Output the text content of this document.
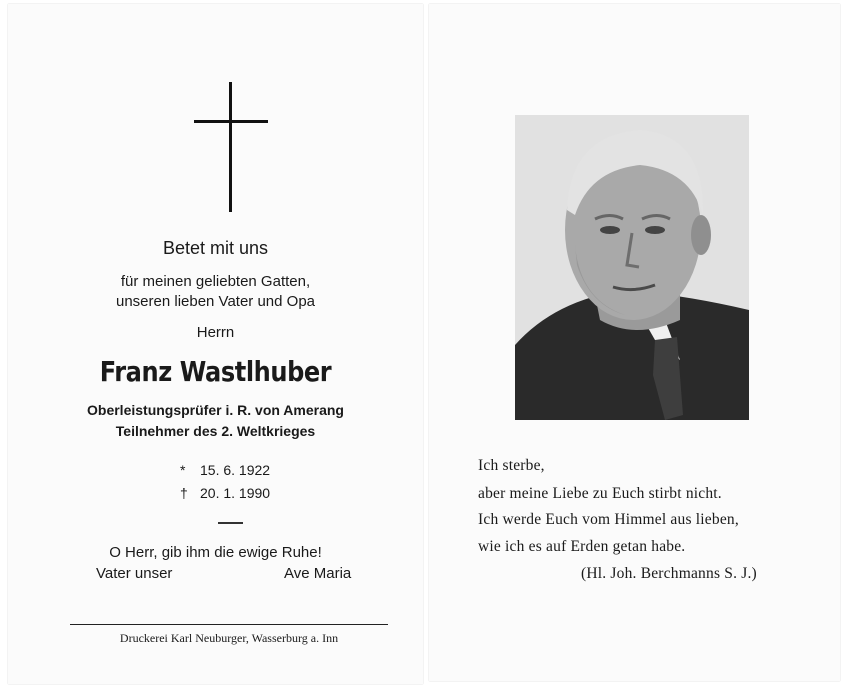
Betet mit uns
für meinen geliebten Gatten,
unseren lieben Vater und Opa
Herrn
Franz Wastlhuber
Oberleistungsprüfer i. R. von Amerang
Teilnehmer des 2. Weltkrieges
* 15. 6. 1922
† 20. 1. 1990
O Herr, gib ihm die ewige Ruhe!
Vater unser	Ave Maria
Druckerei Karl Neuburger, Wasserburg a. Inn
Ich sterbe,
aber meine Liebe zu Euch stirbt nicht.
Ich werde Euch vom Himmel aus lieben,
wie ich es auf Erden getan habe.
(Hl. Joh. Berchmanns S. J.)
